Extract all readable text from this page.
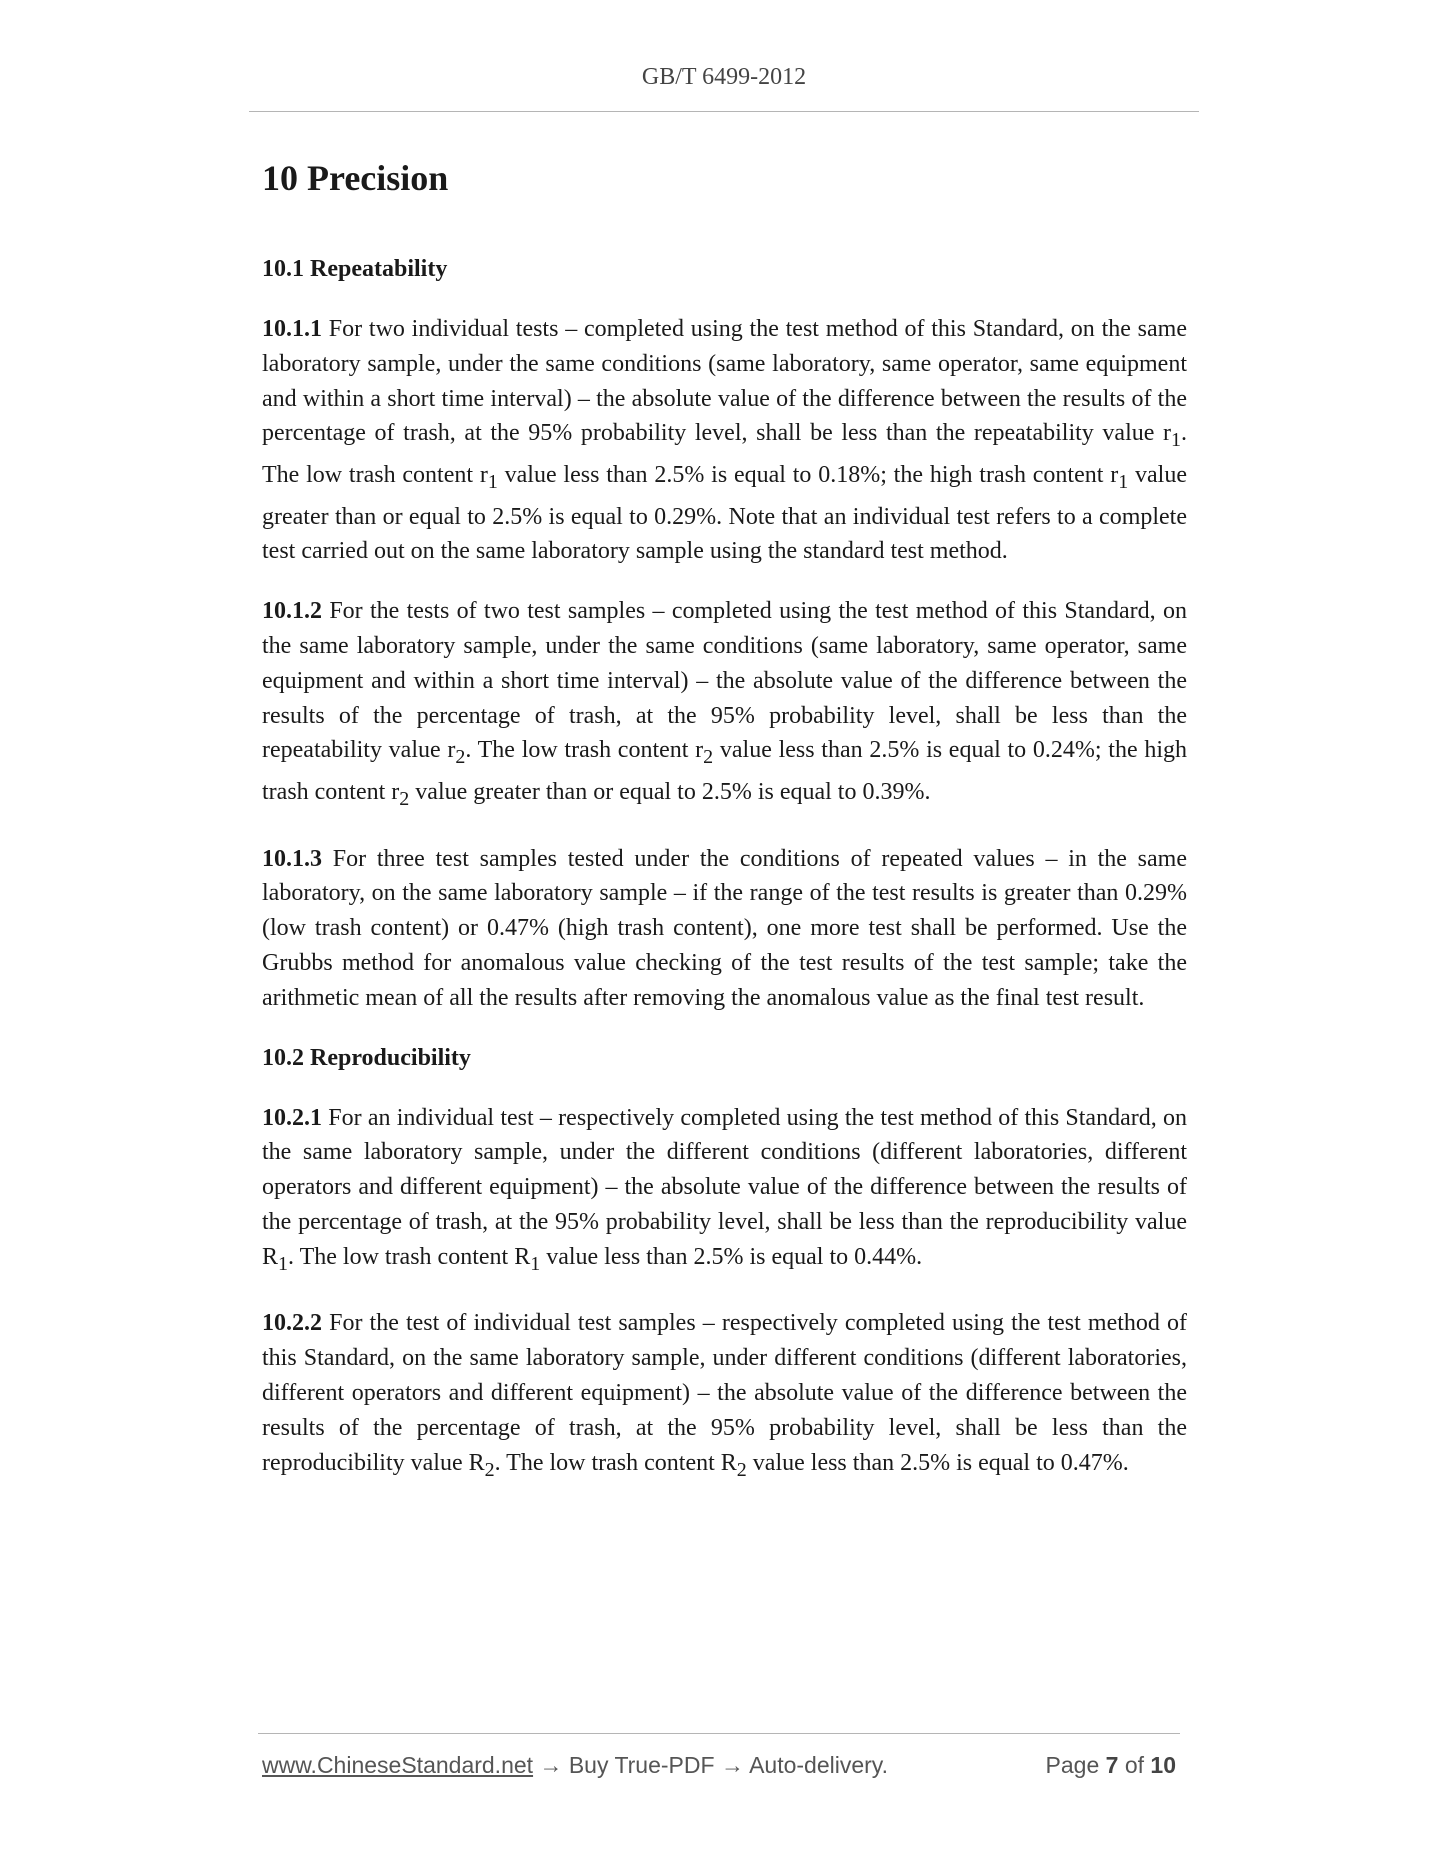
GB/T 6499-2012
10 Precision
10.1 Repeatability

10.1.1 For two individual tests – completed using the test method of this Standard, on the same laboratory sample, under the same conditions (same laboratory, same operator, same equipment and within a short time interval) – the absolute value of the difference between the results of the percentage of trash, at the 95% probability level, shall be less than the repeatability value $r_1$. The low trash content $r_1$ value less than 2.5% is equal to 0.18%; the high trash content $r_1$ value greater than or equal to 2.5% is equal to 0.29%. Note that an individual test refers to a complete test carried out on the same laboratory sample using the standard test method.

10.1.2 For the tests of two test samples – completed using the test method of this Standard, on the same laboratory sample, under the same conditions (same laboratory, same operator, same equipment and within a short time interval) – the absolute value of the difference between the results of the percentage of trash, at the 95% probability level, shall be less than the repeatability value $r_2$. The low trash content $r_2$ value less than 2.5% is equal to 0.24%; the high trash content $r_2$ value greater than or equal to 2.5% is equal to 0.39%.

10.1.3 For three test samples tested under the conditions of repeated values – in the same laboratory, on the same laboratory sample – if the range of the test results is greater than 0.29% (low trash content) or 0.47% (high trash content), one more test shall be performed. Use the Grubbs method for anomalous value checking of the test results of the test sample; take the arithmetic mean of all the results after removing the anomalous value as the final test result.

10.2 Reproducibility

10.2.1 For an individual test – respectively completed using the test method of this Standard, on the same laboratory sample, under the different conditions (different laboratories, different operators and different equipment) – the absolute value of the difference between the results of the percentage of trash, at the 95% probability level, shall be less than the reproducibility value $R_1$. The low trash content $R_1$ value less than 2.5% is equal to 0.44%.

10.2.2 For the test of individual test samples – respectively completed using the test method of this Standard, on the same laboratory sample, under different conditions (different laboratories, different operators and different equipment) – the absolute value of the difference between the results of the percentage of trash, at the 95% probability level, shall be less than the reproducibility value $R_2$. The low trash content $R_2$ value less than 2.5% is equal to 0.47%.

www.ChineseStandard.net → Buy True-PDF → Auto-delivery.	Page 7 of 10
